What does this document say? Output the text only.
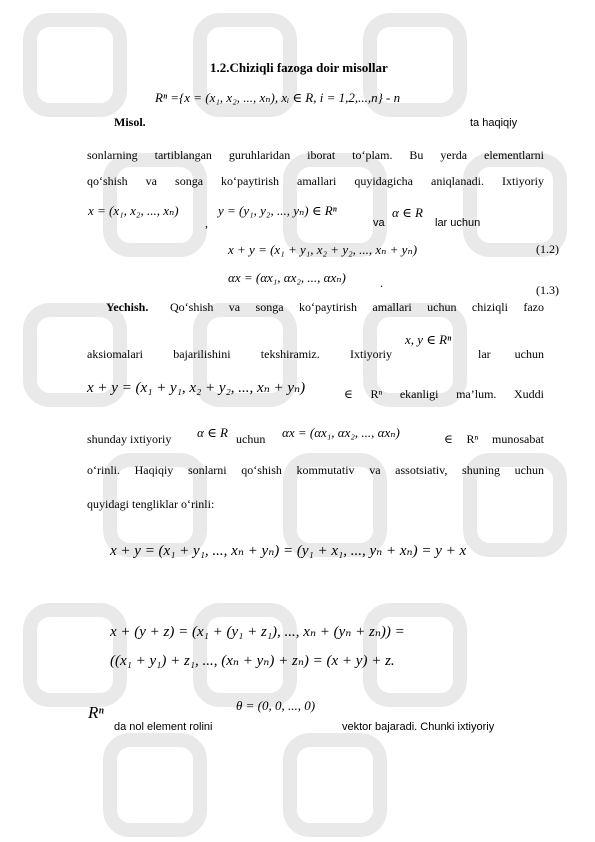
1.2.Chiziqli fazoga doir misollar
Rⁿ ={x = (x₁, x₂, ..., xₙ), xᵢ ∈ R, i = 1,2,...,n} - n
Misol.	ta haqiqiy
sonlarning tartiblangan guruhlaridan iborat to‘plam. Bu yerda elementlarni
qo‘shish va songa ko‘paytirish amallari quyidagicha aniqlanadi. Ixtiyoriy
x = (x₁, x₂, ..., xₙ)
,
y = (y₁, y₂, ..., yₙ) ∈ Rⁿ
va
α ∈ R
lar uchun
x + y = (x₁ + y₁, x₂ + y₂, ..., xₙ + yₙ)	(1.2)
αx = (αx₁, αx₂, ..., αxₙ)	.	(1.3)
Yechish. Qo‘shish va songa ko‘paytirish amallari uchun chiziqli fazo
aksiomalari bajarilishini tekshiramiz. Ixtiyoriy
x, y ∈ Rⁿ
lar uchun
x + y = (x₁ + y₁, x₂ + y₂, ..., xₙ + yₙ)	∈ Rⁿ ekanligi ma’lum. Xuddi
shunday ixtiyoriy α ∈ R uchun αx = (αx₁, αx₂, ..., αxₙ)	∈ Rⁿ munosabat
o‘rinli. Haqiqiy sonlarni qo‘shish kommutativ va assotsiativ, shuning uchun
quyidagi tengliklar o‘rinli:
x + y = (x₁ + y₁, ..., xₙ + yₙ) = (y₁ + x₁, ..., yₙ + xₙ) = y + x
x + (y + z) = (x₁ + (y₁ + z₁), ..., xₙ + (yₙ + zₙ)) =
((x₁ + y₁) + z₁, ..., (xₙ + yₙ) + zₙ) = (x + y) + z.
Rⁿ
da nol element rolini
θ = (0, 0, ..., 0)
vektor bajaradi. Chunki ixtiyoriy
